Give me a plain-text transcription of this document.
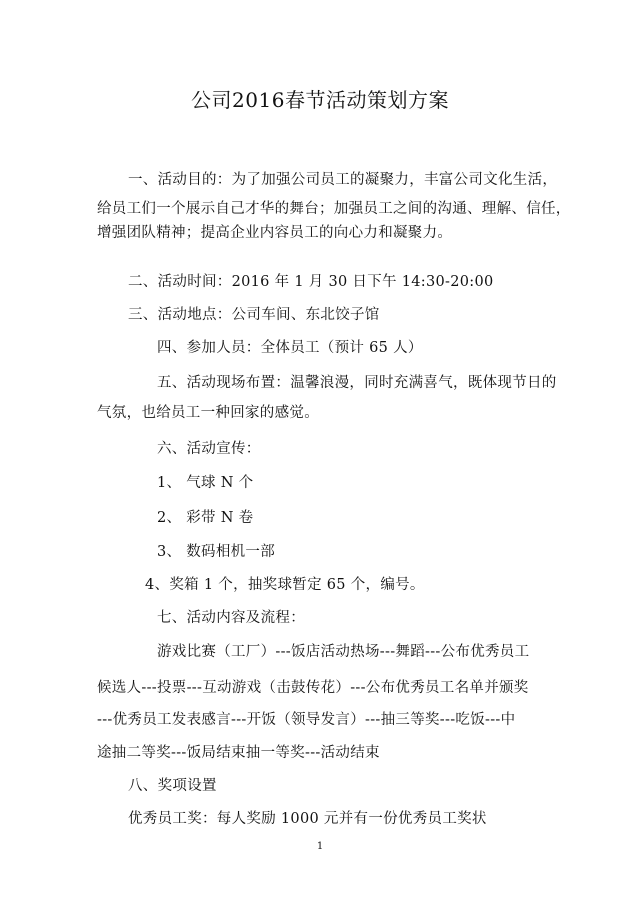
公司2016春节活动策划方案
一、活动目的：为了加强公司员工的凝聚力，丰富公司文化生活，
给员工们一个展示自己才华的舞台；加强员工之间的沟通、理解、信任，
增强团队精神；提高企业内容员工的向心力和凝聚力。
二、活动时间：2016 年 1 月 30 日下午 14:30-20:00
三、活动地点：公司车间、东北饺子馆
四、参加人员：全体员工（预计 65 人）
五、活动现场布置：温馨浪漫，同时充满喜气，既体现节日的
气氛，也给员工一种回家的感觉。
六、活动宣传：
1、 气球 N 个
2、 彩带 N 卷
3、 数码相机一部
4、奖箱 1 个，抽奖球暂定 65 个，编号。
七、活动内容及流程：
游戏比赛（工厂）---饭店活动热场---舞蹈---公布优秀员工
候选人---投票---互动游戏（击鼓传花）---公布优秀员工名单并颁奖
---优秀员工发表感言---开饭（领导发言）---抽三等奖---吃饭---中
途抽二等奖---饭局结束抽一等奖---活动结束
八、奖项设置
优秀员工奖：每人奖励 1000 元并有一份优秀员工奖状
1
